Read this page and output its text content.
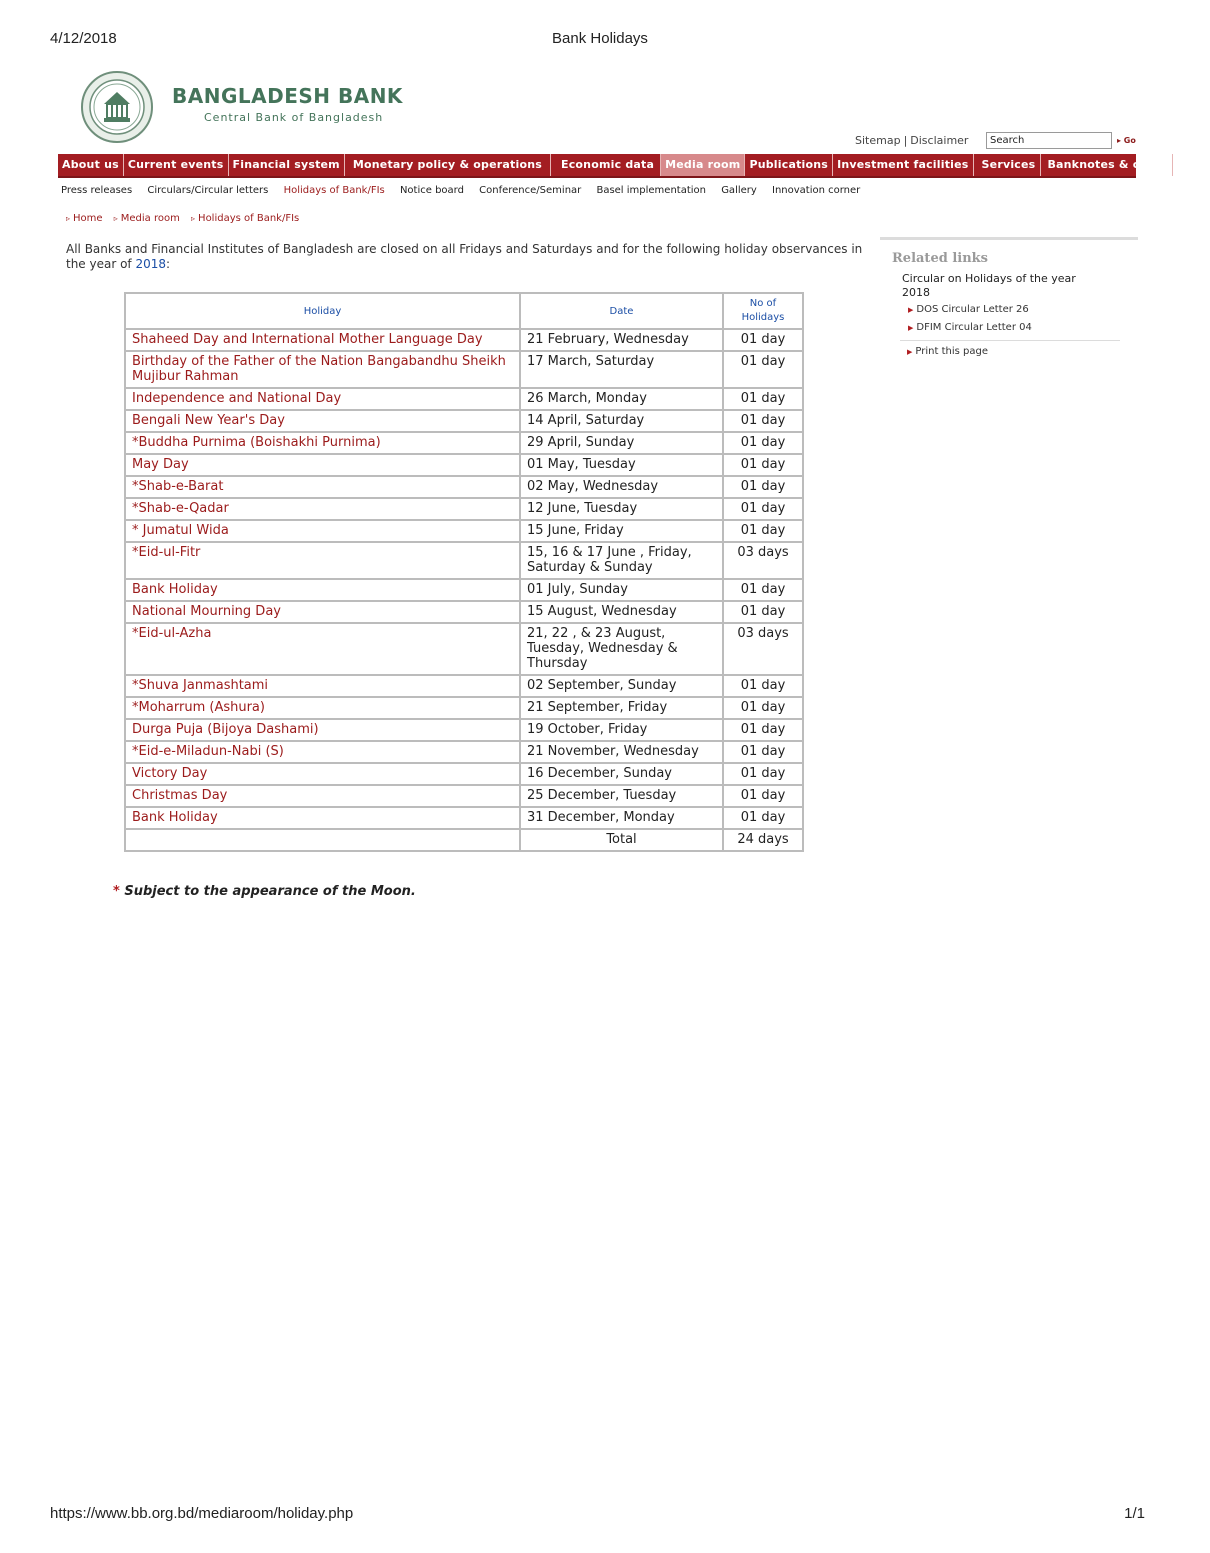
4/12/2018	Bank Holidays
BANGLADESH BANK
Central Bank of Bangladesh
Sitemap | Disclaimer	Search	▸ Go
About us Current events Financial system	Monetary policy & operations	Economic data	Media room Publications Investment facilities	Services	Banknotes & coins	Link
Press releases Circulars/Circular letters Holidays of Bank/FIs Notice board Conference/Seminar Basel implementation Gallery Innovation corner
▹ Home ▹ Media room ▹ Holidays of Bank/FIs
All Banks and Financial Institutes of Bangladesh are closed on all Fridays and Saturdays and for the following holiday observances in the year of 2018:
Holiday	Date	No of Holidays
Shaheed Day and International Mother Language Day	21 February, Wednesday	01 day
Birthday of the Father of the Nation Bangabandhu Sheikh Mujibur Rahman	17 March, Saturday	01 day
Independence and National Day	26 March, Monday	01 day
Bengali New Year's Day	14 April, Saturday	01 day
*Buddha Purnima (Boishakhi Purnima)	29 April, Sunday	01 day
May Day	01 May, Tuesday	01 day
*Shab-e-Barat	02 May, Wednesday	01 day
*Shab-e-Qadar	12 June, Tuesday	01 day
* Jumatul Wida	15 June, Friday	01 day
*Eid-ul-Fitr	15, 16 & 17 June , Friday, Saturday & Sunday	03 days
Bank Holiday	01 July, Sunday	01 day
National Mourning Day	15 August, Wednesday	01 day
*Eid-ul-Azha	21, 22 , & 23 August, Tuesday, Wednesday & Thursday	03 days
*Shuva Janmashtami	02 September, Sunday	01 day
*Moharrum (Ashura)	21 September, Friday	01 day
Durga Puja (Bijoya Dashami)	19 October, Friday	01 day
*Eid-e-Miladun-Nabi (S)	21 November, Wednesday	01 day
Victory Day	16 December, Sunday	01 day
Christmas Day	25 December, Tuesday	01 day
Bank Holiday	31 December, Monday	01 day
	Total	24 days
* Subject to the appearance of the Moon.
Related links
Circular on Holidays of the year 2018
▶ DOS Circular Letter 26
▶ DFIM Circular Letter 04
▶ Print this page
https://www.bb.org.bd/mediaroom/holiday.php	1/1
